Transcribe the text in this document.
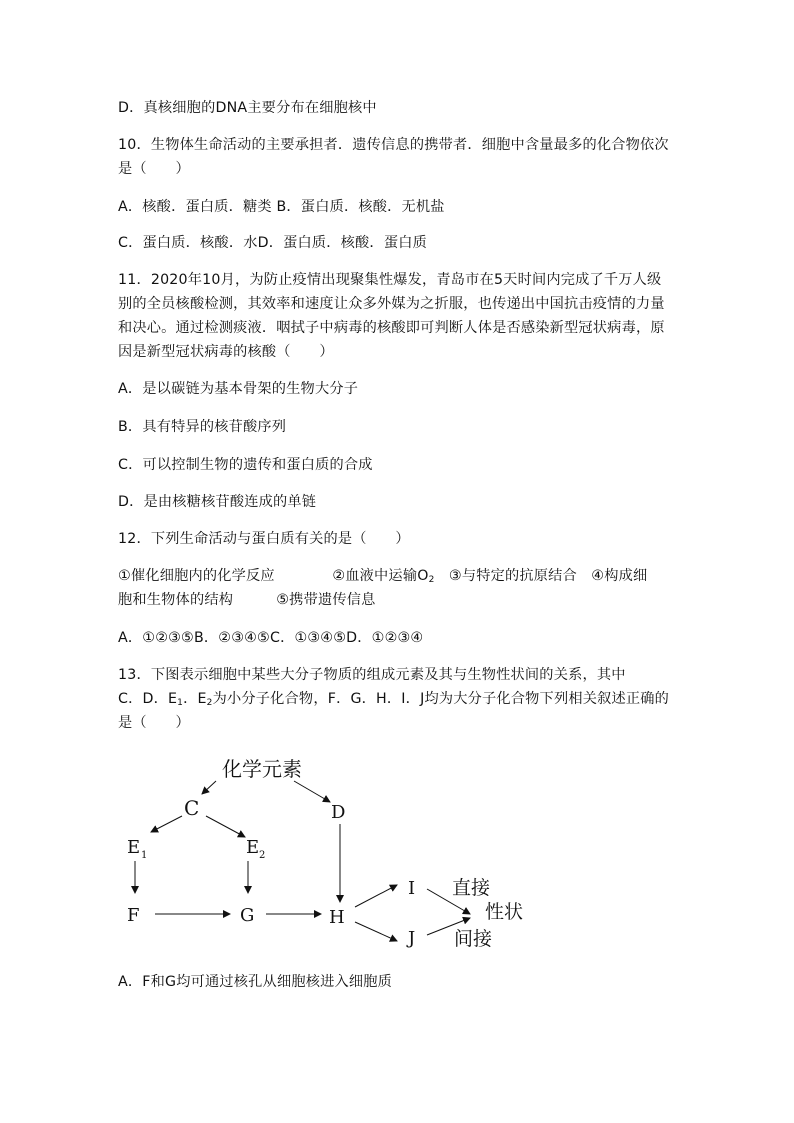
D．真核细胞的DNA主要分布在细胞核中
10．生物体生命活动的主要承担者．遗传信息的携带者．细胞中含量最多的化合物依次
是（　　）
A．核酸．蛋白质．糖类 B．蛋白质．核酸．无机盐
C．蛋白质．核酸．水D．蛋白质．核酸．蛋白质
11．2020年10月，为防止疫情出现聚集性爆发，青岛市在5天时间内完成了千万人级
别的全员核酸检测，其效率和速度让众多外媒为之折服，也传递出中国抗击疫情的力量
和决心。通过检测痰液．咽拭子中病毒的核酸即可判断人体是否感染新型冠状病毒，原
因是新型冠状病毒的核酸（　　）
A．是以碳链为基本骨架的生物大分子
B．具有特异的核苷酸序列
C．可以控制生物的遗传和蛋白质的合成
D．是由核糖核苷酸连成的单链
12．下列生命活动与蛋白质有关的是（　　）
①催化细胞内的化学反应　　　　②血液中运输$O_2$　③与特定的抗原结合　④构成细
胞和生物体的结构　　　⑤携带遗传信息
A．①②③⑤B．②③④⑤C．①③④⑤D．①②③④
13．下图表示细胞中某些大分子物质的组成元素及其与生物性状间的关系，其中
C．D．$E_1$．$E_2$为小分子化合物，F．G．H．I．J均为大分子化合物下列相关叙述正确的
是（　　）
化学元素
C	D
E 1	E 2
F	G	H
I
J
直接
性状
间接
A．F和G均可通过核孔从细胞核进入细胞质
